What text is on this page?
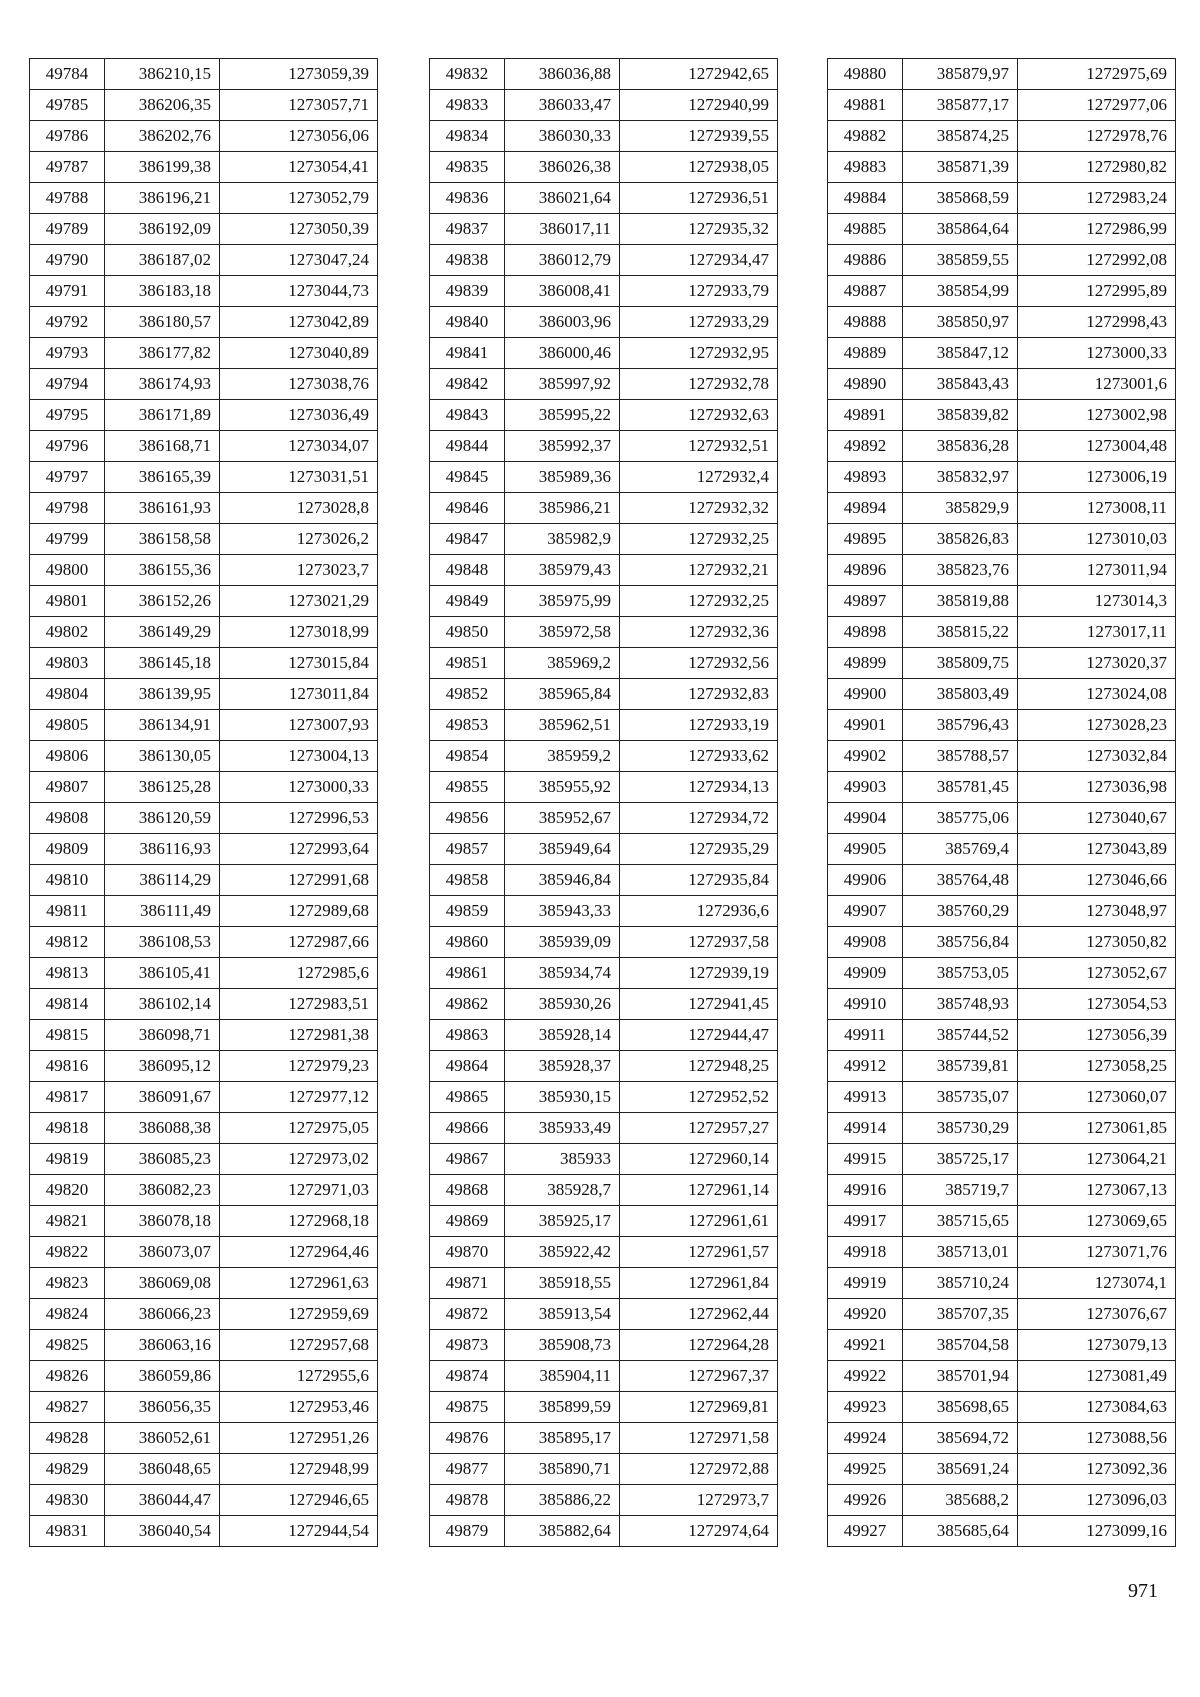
49784	386210,15	1273059,39
49785	386206,35	1273057,71
49786	386202,76	1273056,06
49787	386199,38	1273054,41
49788	386196,21	1273052,79
49789	386192,09	1273050,39
49790	386187,02	1273047,24
49791	386183,18	1273044,73
49792	386180,57	1273042,89
49793	386177,82	1273040,89
49794	386174,93	1273038,76
49795	386171,89	1273036,49
49796	386168,71	1273034,07
49797	386165,39	1273031,51
49798	386161,93	1273028,8
49799	386158,58	1273026,2
49800	386155,36	1273023,7
49801	386152,26	1273021,29
49802	386149,29	1273018,99
49803	386145,18	1273015,84
49804	386139,95	1273011,84
49805	386134,91	1273007,93
49806	386130,05	1273004,13
49807	386125,28	1273000,33
49808	386120,59	1272996,53
49809	386116,93	1272993,64
49810	386114,29	1272991,68
49811	386111,49	1272989,68
49812	386108,53	1272987,66
49813	386105,41	1272985,6
49814	386102,14	1272983,51
49815	386098,71	1272981,38
49816	386095,12	1272979,23
49817	386091,67	1272977,12
49818	386088,38	1272975,05
49819	386085,23	1272973,02
49820	386082,23	1272971,03
49821	386078,18	1272968,18
49822	386073,07	1272964,46
49823	386069,08	1272961,63
49824	386066,23	1272959,69
49825	386063,16	1272957,68
49826	386059,86	1272955,6
49827	386056,35	1272953,46
49828	386052,61	1272951,26
49829	386048,65	1272948,99
49830	386044,47	1272946,65
49831	386040,54	1272944,54
49832	386036,88	1272942,65
49833	386033,47	1272940,99
49834	386030,33	1272939,55
49835	386026,38	1272938,05
49836	386021,64	1272936,51
49837	386017,11	1272935,32
49838	386012,79	1272934,47
49839	386008,41	1272933,79
49840	386003,96	1272933,29
49841	386000,46	1272932,95
49842	385997,92	1272932,78
49843	385995,22	1272932,63
49844	385992,37	1272932,51
49845	385989,36	1272932,4
49846	385986,21	1272932,32
49847	385982,9	1272932,25
49848	385979,43	1272932,21
49849	385975,99	1272932,25
49850	385972,58	1272932,36
49851	385969,2	1272932,56
49852	385965,84	1272932,83
49853	385962,51	1272933,19
49854	385959,2	1272933,62
49855	385955,92	1272934,13
49856	385952,67	1272934,72
49857	385949,64	1272935,29
49858	385946,84	1272935,84
49859	385943,33	1272936,6
49860	385939,09	1272937,58
49861	385934,74	1272939,19
49862	385930,26	1272941,45
49863	385928,14	1272944,47
49864	385928,37	1272948,25
49865	385930,15	1272952,52
49866	385933,49	1272957,27
49867	385933	1272960,14
49868	385928,7	1272961,14
49869	385925,17	1272961,61
49870	385922,42	1272961,57
49871	385918,55	1272961,84
49872	385913,54	1272962,44
49873	385908,73	1272964,28
49874	385904,11	1272967,37
49875	385899,59	1272969,81
49876	385895,17	1272971,58
49877	385890,71	1272972,88
49878	385886,22	1272973,7
49879	385882,64	1272974,64
49880	385879,97	1272975,69
49881	385877,17	1272977,06
49882	385874,25	1272978,76
49883	385871,39	1272980,82
49884	385868,59	1272983,24
49885	385864,64	1272986,99
49886	385859,55	1272992,08
49887	385854,99	1272995,89
49888	385850,97	1272998,43
49889	385847,12	1273000,33
49890	385843,43	1273001,6
49891	385839,82	1273002,98
49892	385836,28	1273004,48
49893	385832,97	1273006,19
49894	385829,9	1273008,11
49895	385826,83	1273010,03
49896	385823,76	1273011,94
49897	385819,88	1273014,3
49898	385815,22	1273017,11
49899	385809,75	1273020,37
49900	385803,49	1273024,08
49901	385796,43	1273028,23
49902	385788,57	1273032,84
49903	385781,45	1273036,98
49904	385775,06	1273040,67
49905	385769,4	1273043,89
49906	385764,48	1273046,66
49907	385760,29	1273048,97
49908	385756,84	1273050,82
49909	385753,05	1273052,67
49910	385748,93	1273054,53
49911	385744,52	1273056,39
49912	385739,81	1273058,25
49913	385735,07	1273060,07
49914	385730,29	1273061,85
49915	385725,17	1273064,21
49916	385719,7	1273067,13
49917	385715,65	1273069,65
49918	385713,01	1273071,76
49919	385710,24	1273074,1
49920	385707,35	1273076,67
49921	385704,58	1273079,13
49922	385701,94	1273081,49
49923	385698,65	1273084,63
49924	385694,72	1273088,56
49925	385691,24	1273092,36
49926	385688,2	1273096,03
49927	385685,64	1273099,16
971
